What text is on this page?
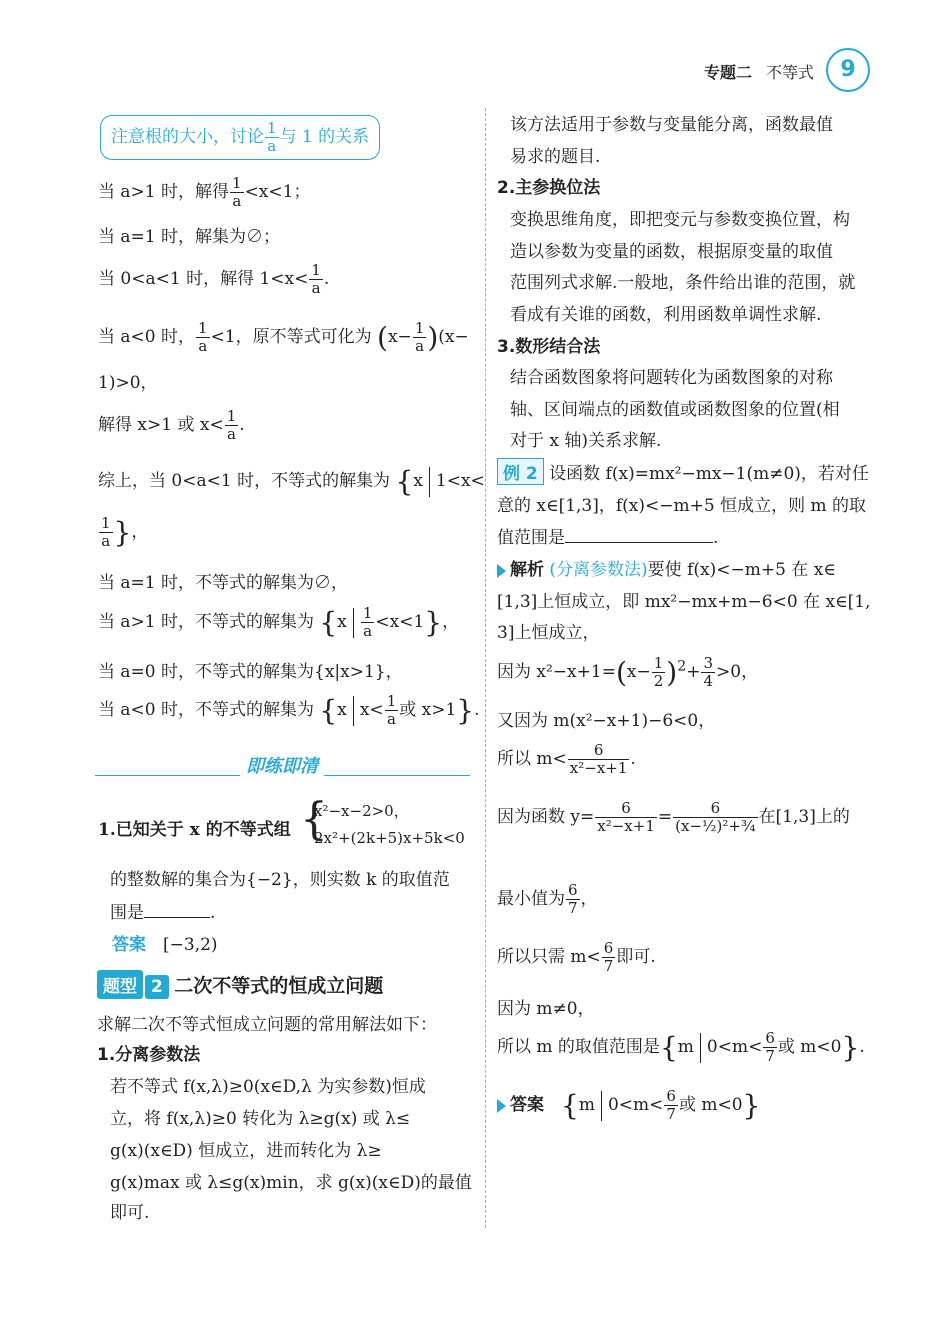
专题二 不等式	9
注意根的大小，讨论 $\frac{1}{a}$ 与 1 的关系
当 a>1 时，解得 $\frac{1}{a} <x<1$；
当 a=1 时，解集为∅；
当 0<a<1 时，解得 $1<x< \frac{1}{a}$ .
当 a<0 时， $\frac{1}{a} <1$，原不等式可化为 $(x- \frac{1}{a} )(x-$
1)>0，
解得 x>1 或 $x< \frac{1}{a}$ .
综上，当 0<a<1 时，不等式的解集为 {x 1<x<
$\frac{1}{a}$ }，
当 a=1 时，不等式的解集为∅，
当 a>1 时，不等式的解集为 $\{x \frac{1}{a} <x<1\}$，
当 a=0 时，不等式的解集为{x|x>1}，
当 a<0 时，不等式的解集为 {x $x< \frac{1}{a}$ 或 x>1}.
即练即清
1.已知关于 x 的不等式组 {
x²−x−2>0，
2x²+(2k+5)x+5k<0
的整数解的集合为{−2}，则实数 k 的取值范
围是	.
答案　 [−3,2)
题型 2 二次不等式的恒成立问题
求解二次不等式恒成立问题的常用解法如下：
1.分离参数法
若不等式 f(x,λ)≥0(x∈D,λ 为实参数)恒成
立，将 f(x,λ)≥0 转化为 λ≥g(x) 或 λ≤
g(x)(x∈D) 恒成立，进而转化为 λ≥
g(x)max 或 λ≤g(x)min，求 g(x)(x∈D)的最值
即可.
该方法适用于参数与变量能分离，函数最值
易求的题目.
2.主参换位法
变换思维角度，即把变元与参数变换位置，构
造以参数为变量的函数，根据原变量的取值
范围列式求解.一般地，条件给出谁的范围，就
看成有关谁的函数，利用函数单调性求解.
3.数形结合法
结合函数图象将问题转化为函数图象的对称
轴、区间端点的函数值或函数图象的位置(相
对于 x 轴)关系求解.
例 2 设函数 f(x)=mx²−mx−1(m≠0)，若对任
意的 x∈[1,3]，f(x)<−m+5 恒成立，则 m 的取
值范围是	.
解析 (分离参数法)要使 f(x)<−m+5 在 x∈
[1,3]上恒成立，即 mx²−mx+m−6<0 在 x∈[1,
3]上恒成立，
因为 $x^2-x+1=(x- \frac{1}{2} )^2+ \frac{3}{4} >0$，
又因为 m(x²−x+1)−6<0，
所以 $m< \frac{6}{\text{x²−x+1}}$ .
因为函数 $y= \frac{6}{\text{x²−x+1}} = \frac{6}{\text{(x−½)²+¾}}$ 在[1,3]上的
最小值为 $\frac{6}{7}$ ，
所以只需 $m< \frac{6}{7}$ 即可.
因为 m≠0，
所以 m 的取值范围是{m $0<m< \frac{6}{7}$ 或 m<0}.
答案　 {m $0<m< \frac{6}{7}$ 或 m<0}
